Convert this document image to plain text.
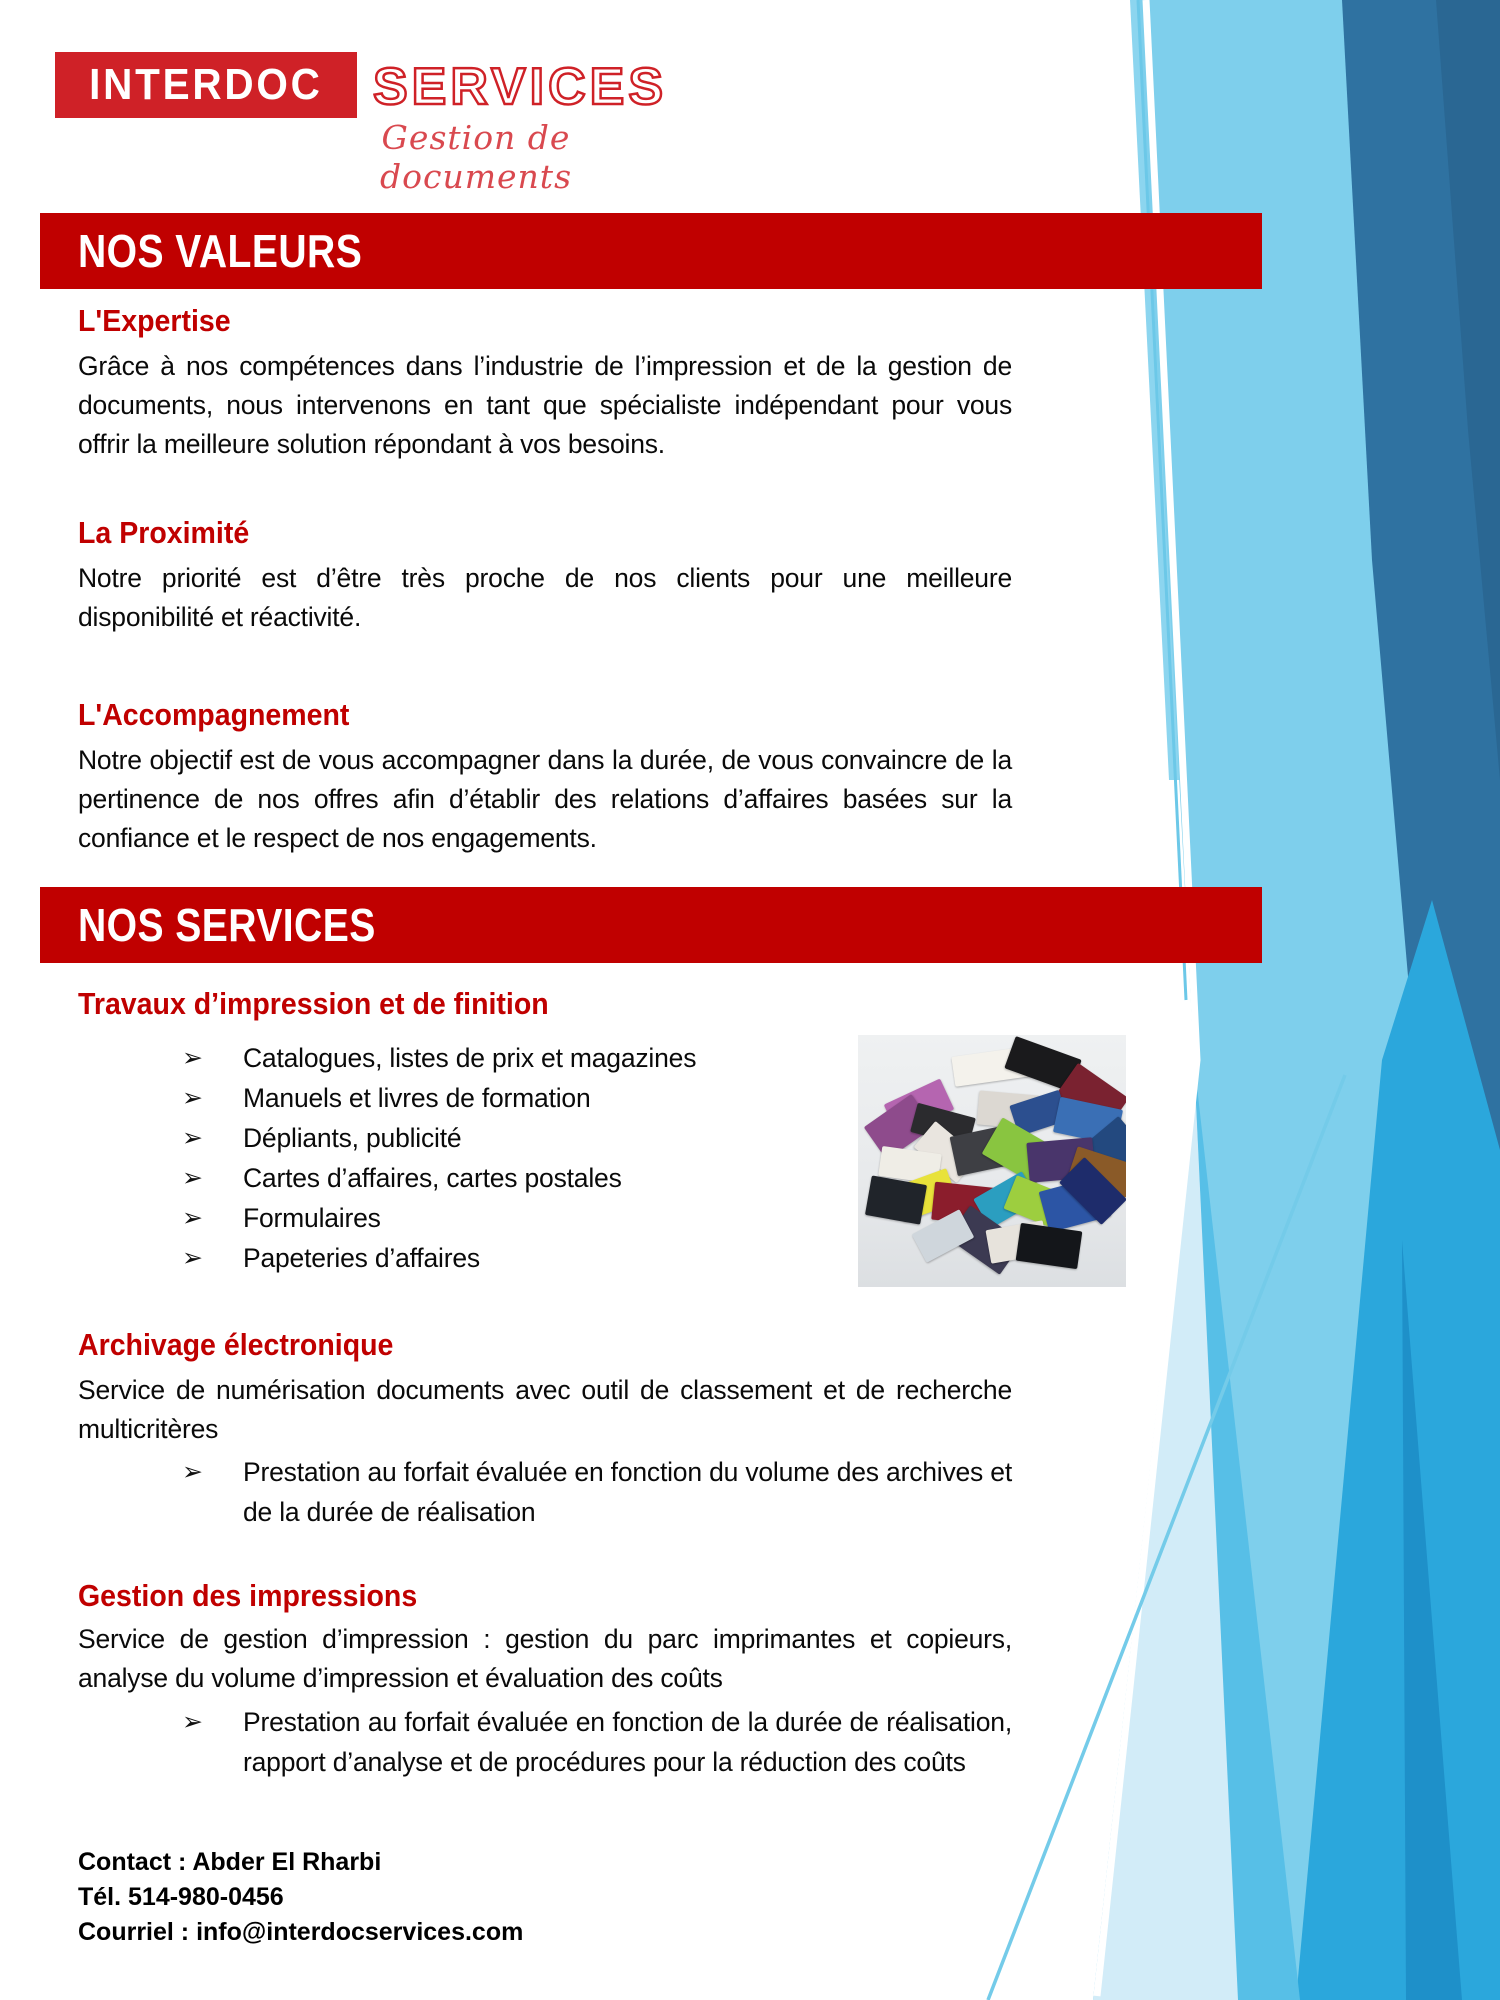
INTERDOC SERVICES
Gestion de documents
NOS VALEURS
L'Expertise
Grâce à nos compétences dans l’industrie de l’impression et de la gestion de documents, nous intervenons en tant que spécialiste indépendant pour vous offrir la meilleure solution répondant à vos besoins.
La Proximité
Notre priorité est d’être très proche de nos clients pour une meilleure disponibilité et réactivité.
L'Accompagnement
Notre objectif est de vous accompagner dans la durée, de vous convaincre de la pertinence de nos offres afin d’établir des relations d’affaires basées sur la confiance et le respect de nos engagements.
NOS SERVICES
Travaux d’impression et de finition
➢ Catalogues, listes de prix et magazines
➢ Manuels et livres de formation
➢ Dépliants, publicité
➢ Cartes d’affaires, cartes postales
➢ Formulaires
➢ Papeteries d’affaires
Archivage électronique
Service de numérisation documents avec outil de classement et de recherche multicritères
➢ Prestation au forfait évaluée en fonction du volume des archives et de la durée de réalisation
Gestion des impressions
Service de gestion d’impression : gestion du parc imprimantes et copieurs, analyse du volume d’impression et évaluation des coûts
➢ Prestation au forfait évaluée en fonction de la durée de réalisation, rapport d’analyse et de procédures pour la réduction des coûts
Contact : Abder El Rharbi
Tél. 514-980-0456
Courriel : info@interdocservices.com
